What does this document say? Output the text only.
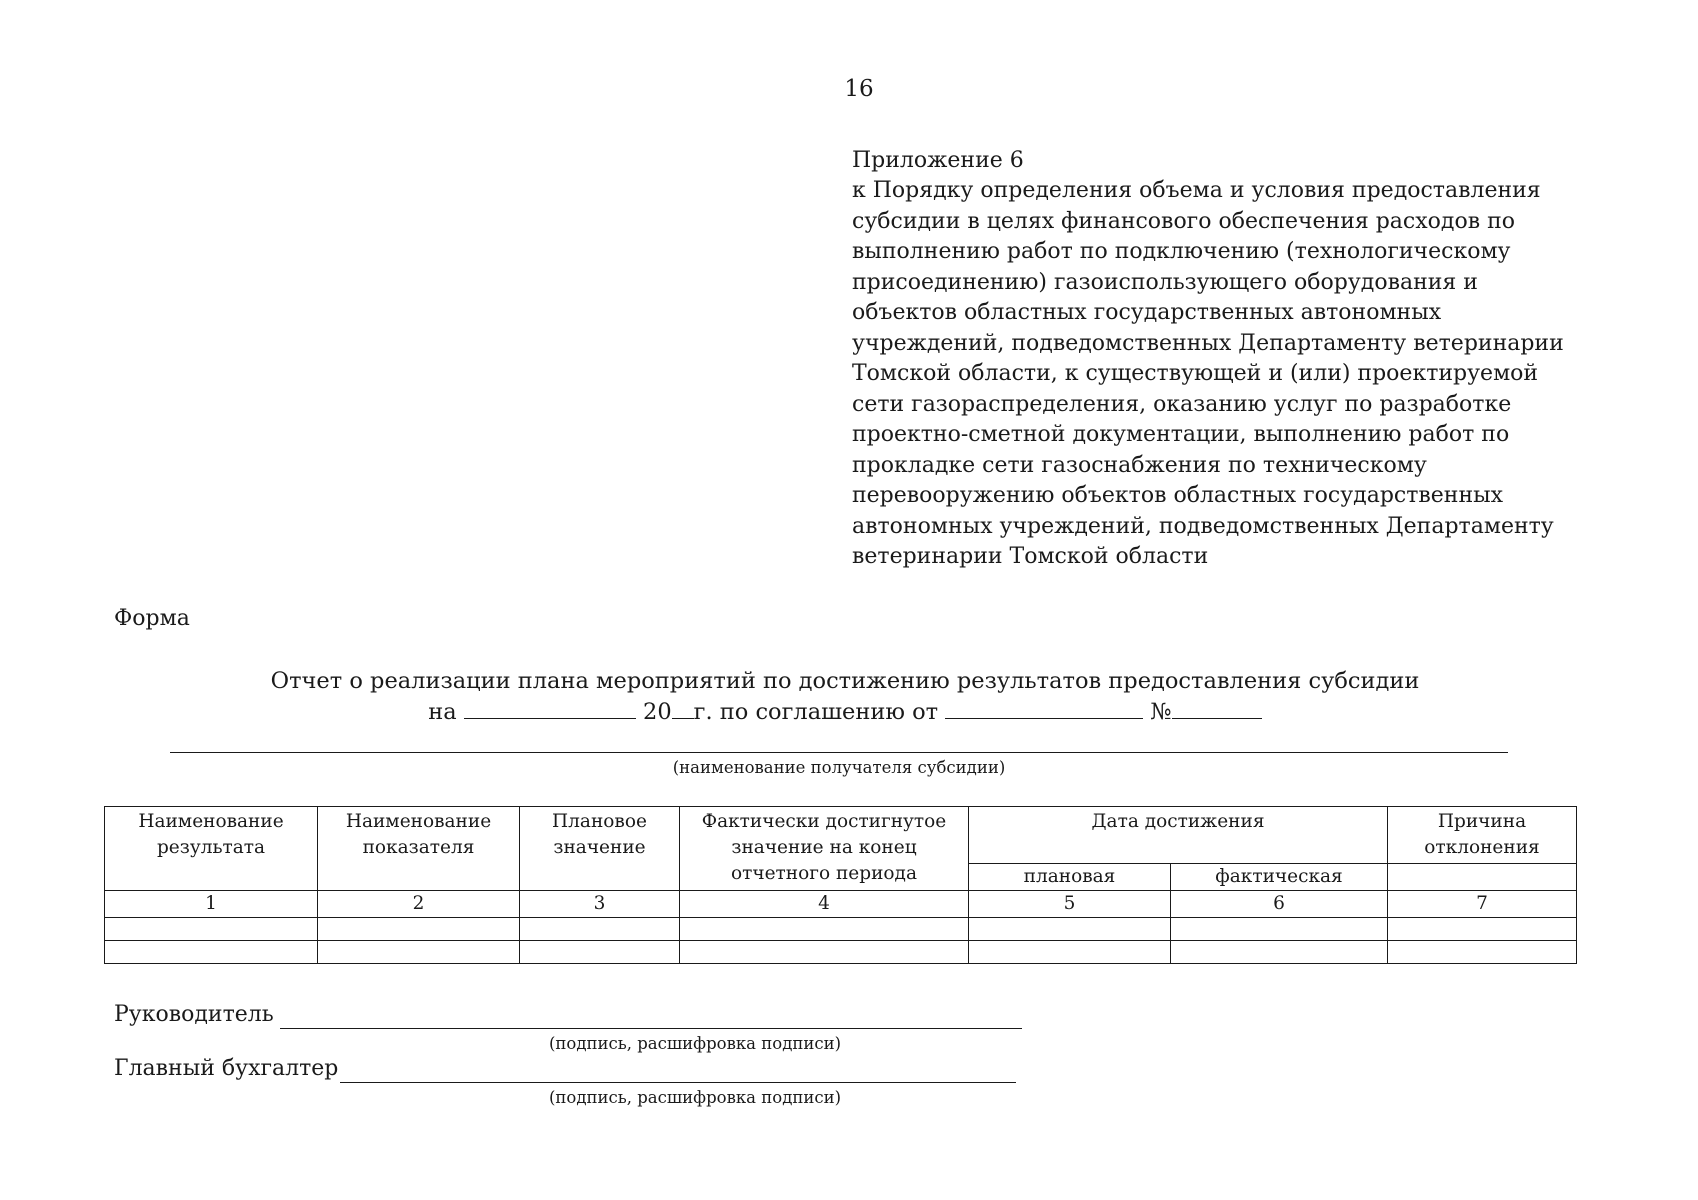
16
Приложение 6
к Порядку определения объема и условия предоставления
субсидии в целях финансового обеспечения расходов по
выполнению работ по подключению (технологическому
присоединению) газоиспользующего оборудования и
объектов областных государственных автономных
учреждений, подведомственных Департаменту ветеринарии
Томской области, к существующей и (или) проектируемой
сети газораспределения, оказанию услуг по разработке
проектно-сметной документации, выполнению работ по
прокладке сети газоснабжения по техническому
перевооружению объектов областных государственных
автономных учреждений, подведомственных Департаменту
ветеринарии Томской области
Форма
Отчет о реализации плана мероприятий по достижению результатов предоставления субсидии
на	20 г. по соглашению от	№
(наименование получателя субсидии)
Наименование результата	Наименование показателя	Плановое значение	Фактически достигнутое значение на конец отчетного периода	Дата достижения		Причина отклонения
				плановая	фактическая	
1	2	3	4	5	6	7

Руководитель
(подпись, расшифровка подписи)
Главный бухгалтер
(подпись, расшифровка подписи)
